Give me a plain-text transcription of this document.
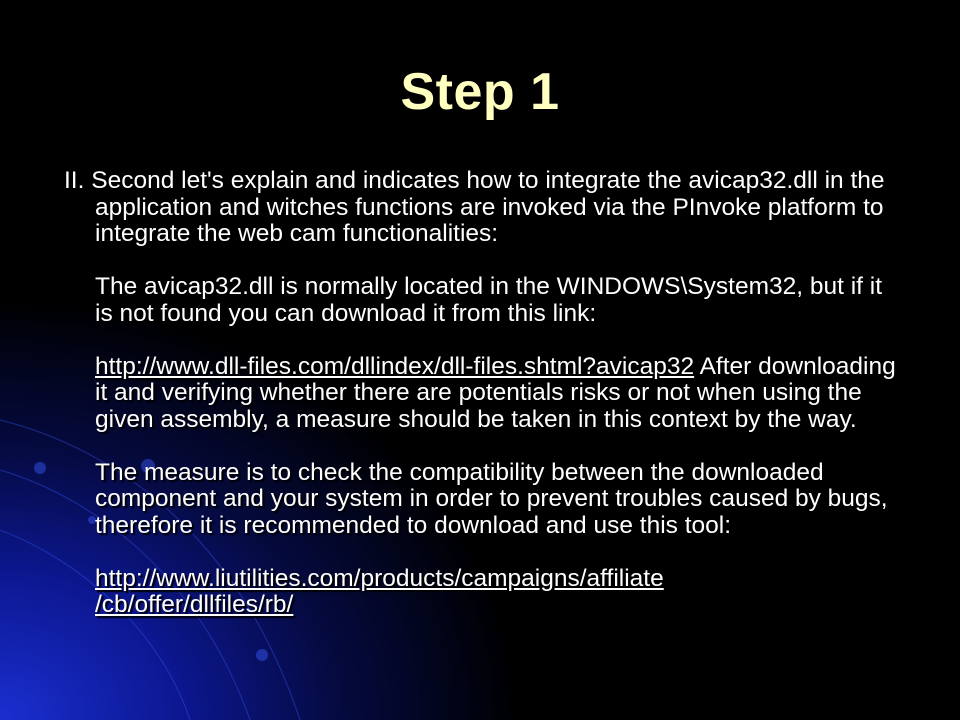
Step 1

II. Second let's explain and indicates how to integrate the avicap32.dll in the application and witches functions are invoked via the PInvoke platform to integrate the web cam functionalities:

The avicap32.dll is normally located in the WINDOWS\System32, but if it is not found you can download it from this link:

http://www.dll-files.com/dllindex/dll-files.shtml?avicap32 After downloading it and verifying whether there are potentials risks or not when using the given assembly, a measure should be taken in this context by the way.

The measure is to check the compatibility between the downloaded component and your system in order to prevent troubles caused by bugs, therefore it is recommended to download and use this tool:

http://www.liutilities.com/products/campaigns/affiliate
/cb/offer/dllfiles/rb/
